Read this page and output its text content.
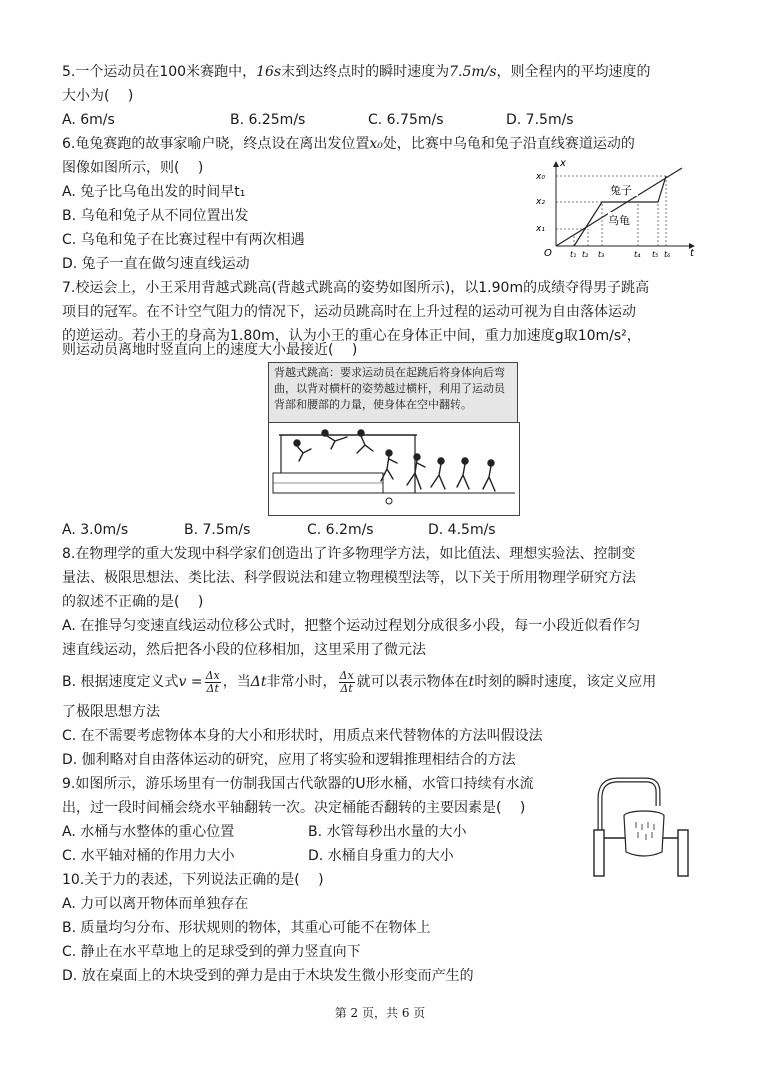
5.一个运动员在100米赛跑中，16s末到达终点时的瞬时速度为7.5m/s，则全程内的平均速度的
大小为(　 )
A. 6m/s	B. 6.25m/s	C. 6.75m/s	D. 7.5m/s
6.龟兔赛跑的故事家喻户晓，终点设在离出发位置x₀处，比赛中乌龟和兔子沿直线赛道运动的
图像如图所示，则(　 )
A. 兔子比乌龟出发的时间早t₁
B. 乌龟和兔子从不同位置出发
C. 乌龟和兔子在比赛过程中有两次相遇
D. 兔子一直在做匀速直线运动
x
t
O
x₀
x₂
x₁
兔子
乌龟
t₁ t₂ t₃	t₄ t₅ t₆
7.校运会上，小王采用背越式跳高(背越式跳高的姿势如图所示)，以1.90m的成绩夺得男子跳高
项目的冠军。在不计空气阻力的情况下，运动员跳高时在上升过程的运动可视为自由落体运动
的逆运动。若小王的身高为1.80m，认为小王的重心在身体正中间，重力加速度g取10m/s²，
则运动员离地时竖直向上的速度大小最接近(　 )
背越式跳高：要求运动员在起跳后将身体向后弯曲，以背对横杆的姿势越过横杆，利用了运动员背部和腰部的力量，使身体在空中翻转。
A. 3.0m/s	B. 7.5m/s	C. 6.2m/s	D. 4.5m/s
8.在物理学的重大发现中科学家们创造出了许多物理学方法，如比值法、理想实验法、控制变
量法、极限思想法、类比法、科学假说法和建立物理模型法等，以下关于所用物理学研究方法
的叙述不正确的是(　 )
A. 在推导匀变速直线运动位移公式时，把整个运动过程划分成很多小段，每一小段近似看作匀
速直线运动，然后把各小段的位移相加，这里采用了微元法
B. 根据速度定义式$v = \frac{\Delta x}{\Delta t}$ ，当Δt非常小时， $\frac{\Delta x}{\Delta t}$ 就可以表示物体在t时刻的瞬时速度，该定义应用
了极限思想方法
C. 在不需要考虑物体本身的大小和形状时，用质点来代替物体的方法叫假设法
D. 伽利略对自由落体运动的研究，应用了将实验和逻辑推理相结合的方法
9.如图所示，游乐场里有一仿制我国古代欹器的U形水桶，水管口持续有水流
出，过一段时间桶会绕水平轴翻转一次。决定桶能否翻转的主要因素是(　 )
A. 水桶与水整体的重心位置	B. 水管每秒出水量的大小
C. 水平轴对桶的作用力大小	D. 水桶自身重力的大小
10.关于力的表述，下列说法正确的是(　 )
A. 力可以离开物体而单独存在
B. 质量均匀分布、形状规则的物体，其重心可能不在物体上
C. 静止在水平草地上的足球受到的弹力竖直向下
D. 放在桌面上的木块受到的弹力是由于木块发生微小形变而产生的
第 2 页，共 6 页
